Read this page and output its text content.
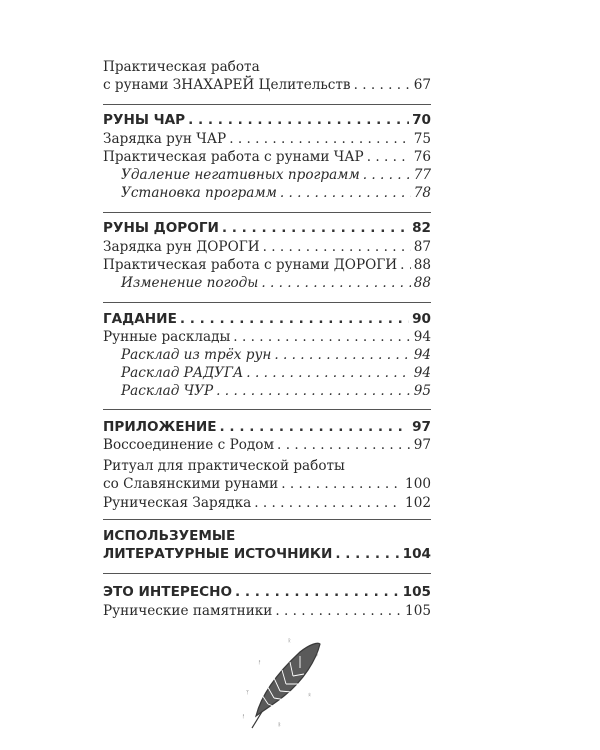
Практическая работа
с рунами ЗНАХАРЕЙ Целительств . . .	67
РУНЫ ЧАР . . .	70
Зарядка рун ЧАР . . .	75
Практическая работа с рунами ЧАР . . .	76
Удаление негативных программ . . .	77
Установка программ . . .	78
РУНЫ ДОРОГИ . . .	82
Зарядка рун ДОРОГИ . . .	87
Практическая работа с рунами ДОРОГИ . . . 88
Изменение погоды . . .	88
ГАДАНИЕ . . .	90
Рунные расклады . . .	94
Расклад из трёх рун . . .	94
Расклад РАДУГА . . .	94
Расклад ЧУР . . .	95
ПРИЛОЖЕНИЕ . . .	97
Воссоединение с Родом . . .	97
Ритуал для практической работы
со Славянскими рунами . . .	100
Руническая Зарядка . . .	102
ИСПОЛЬЗУЕМЫЕ
ЛИТЕРАТУРНЫЕ ИСТОЧНИКИ . . .	104
ЭТО ИНТЕРЕСНО . . .	105
Рунические памятники . . .	105
ᚱ
ᚦ
ᚠ
ᛉ	ᛟ
ᚨ
ᛒ
